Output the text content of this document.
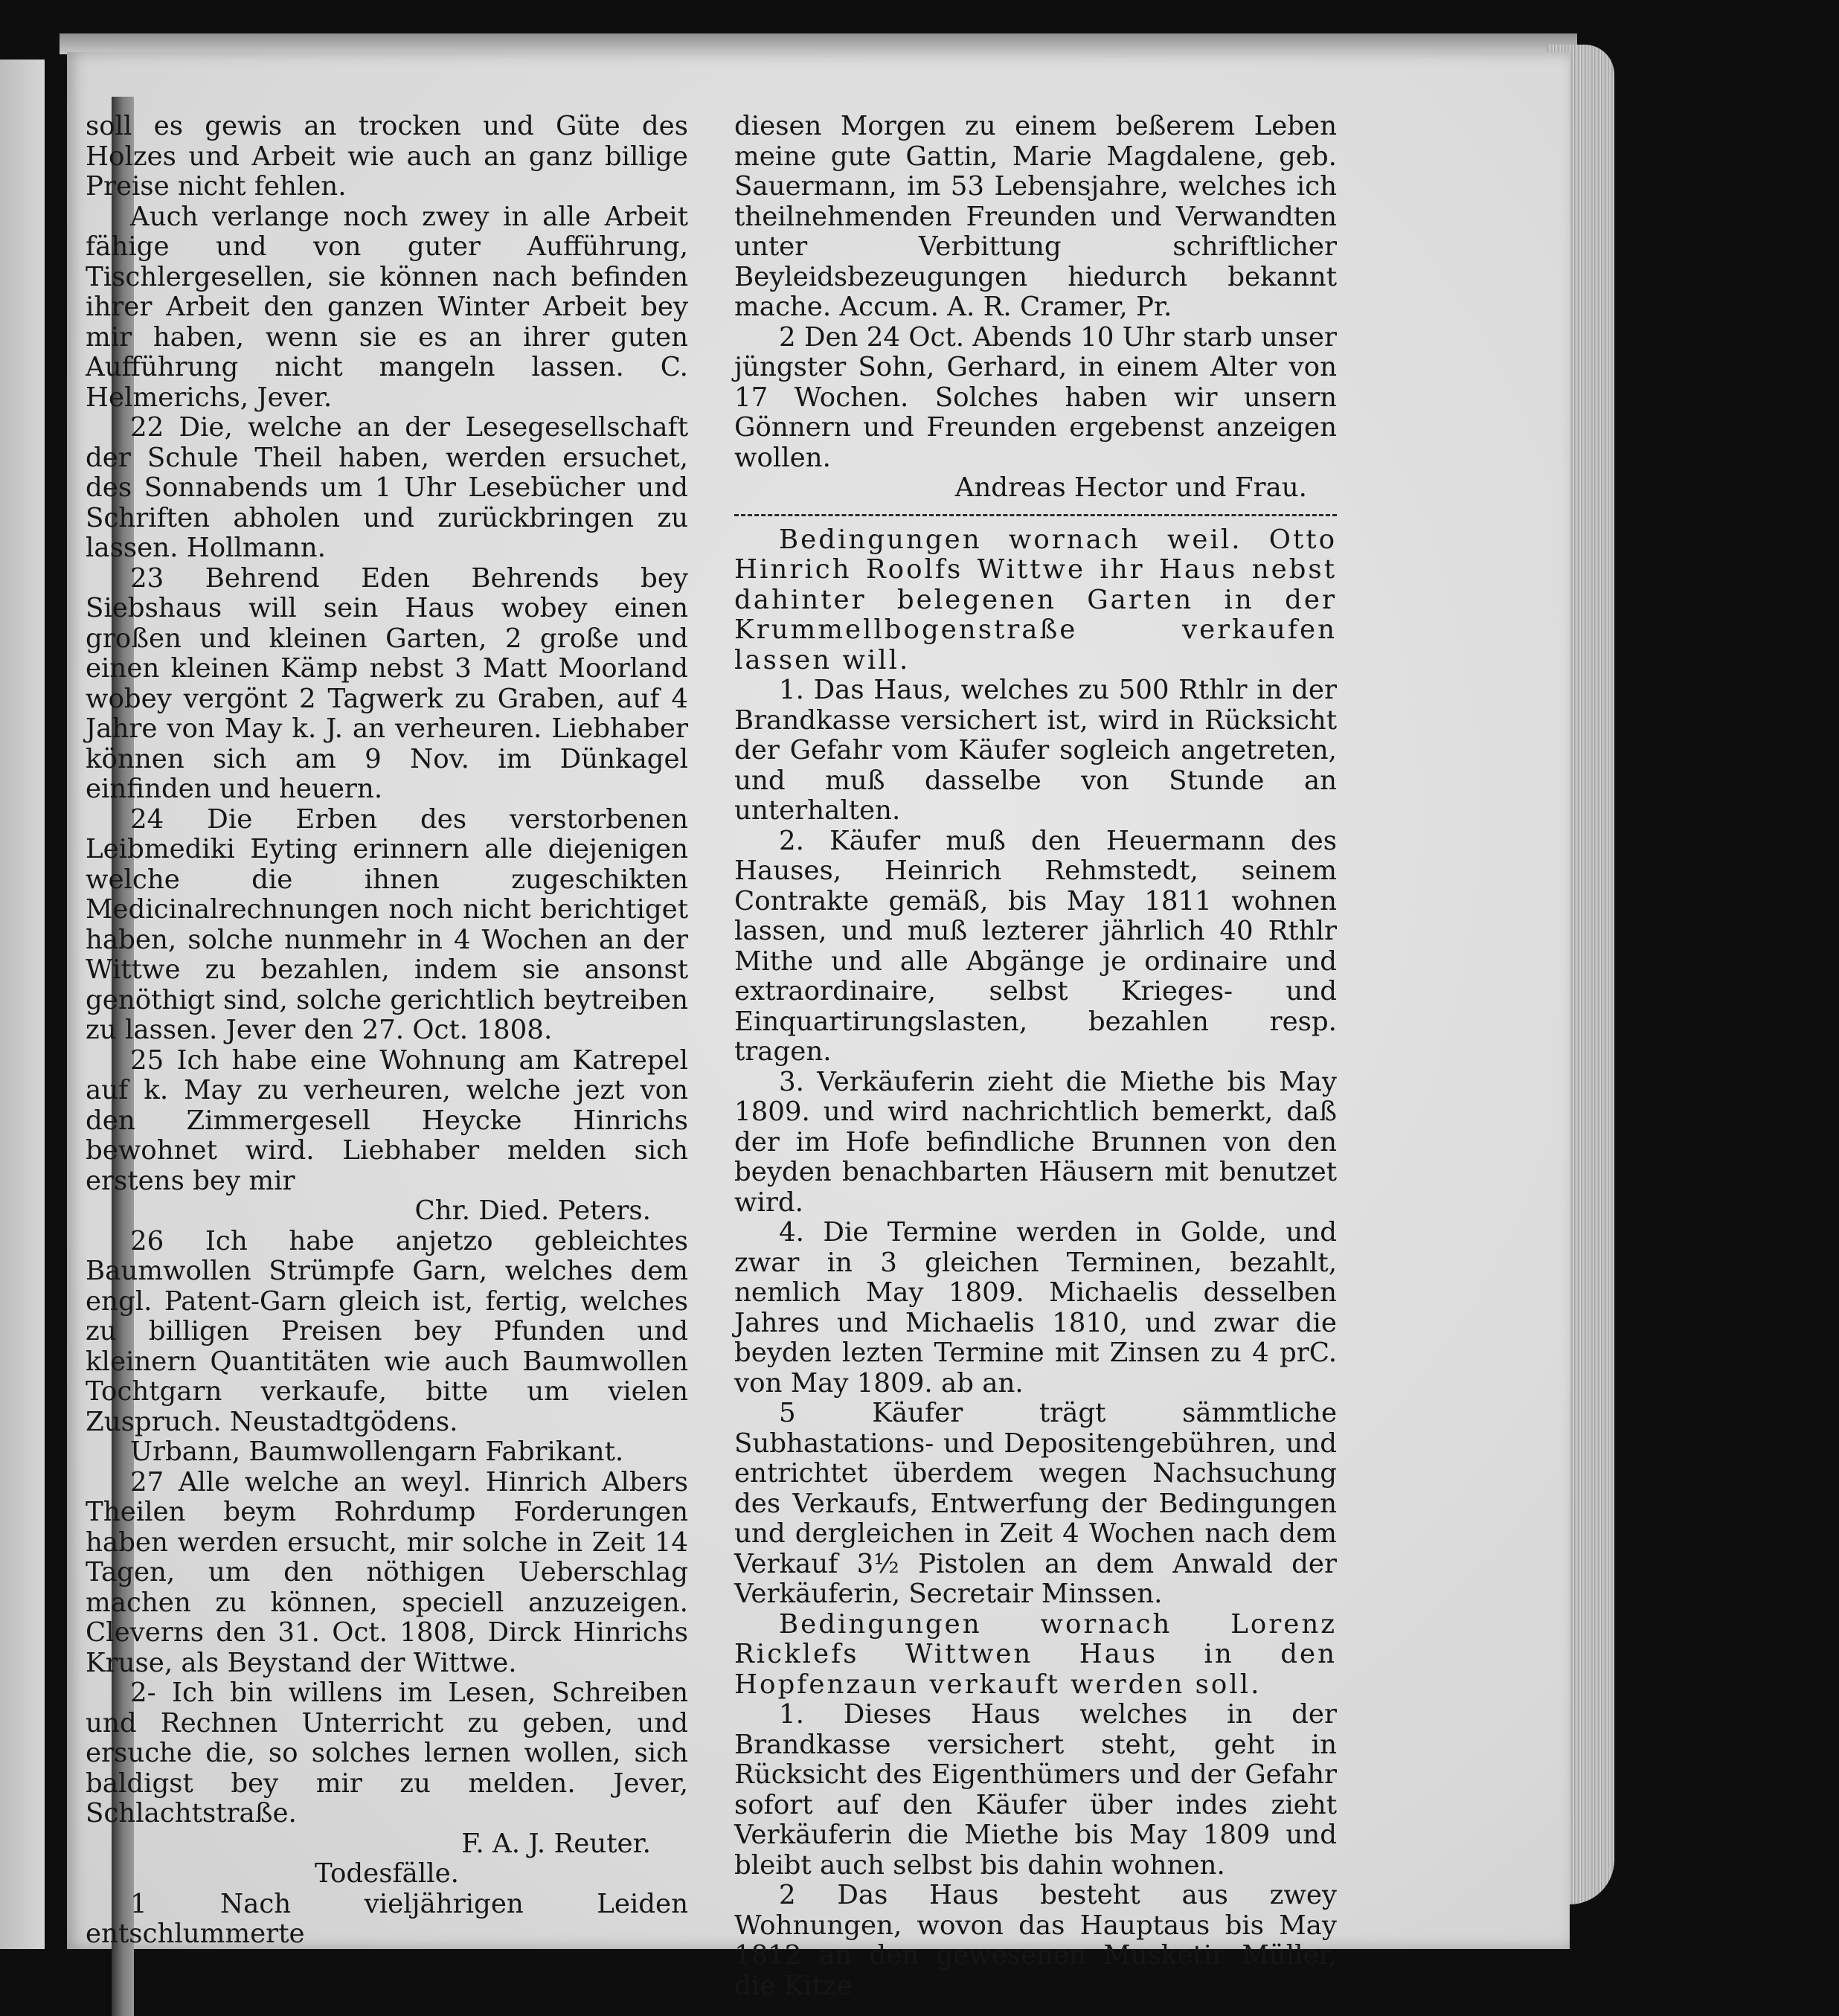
soll es gewis an trocken und Güte des Holzes und Arbeit wie auch an ganz billige Preise nicht fehlen.

Auch verlange noch zwey in alle Arbeit fähige und von guter Aufführung, Tischlergesellen, sie können nach befinden ihrer Arbeit den ganzen Winter Arbeit bey mir haben, wenn sie es an ihrer guten Aufführung nicht mangeln lassen. C. Helmerichs, Jever.

22 Die, welche an der Lesegesellschaft der Schule Theil haben, werden ersuchet, des Sonnabends um 1 Uhr Lesebücher und Schriften abholen und zurückbringen zu lassen. Hollmann.

23 Behrend Eden Behrends bey Siebshaus will sein Haus wobey einen großen und kleinen Garten, 2 große und einen kleinen Kämp nebst 3 Matt Moorland wobey vergönt 2 Tagwerk zu Graben, auf 4 Jahre von May k. J. an verheuren. Liebhaber können sich am 9 Nov. im Dünkagel einfinden und heuern.

24 Die Erben des verstorbenen Leibmediki Eyting erinnern alle diejenigen welche die ihnen zugeschikten Medicinalrechnungen noch nicht berichtiget haben, solche nunmehr in 4 Wochen an der Wittwe zu bezahlen, indem sie ansonst genöthigt sind, solche gerichtlich beytreiben zu lassen. Jever den 27. Oct. 1808.

25 Ich habe eine Wohnung am Katrepel auf k. May zu verheuren, welche jezt von den Zimmergesell Heycke Hinrichs bewohnet wird. Liebhaber melden sich erstens bey mir

Chr. Died. Peters.

26 Ich habe anjetzo gebleichtes Baumwollen Strümpfe Garn, welches dem engl. Patent-Garn gleich ist, fertig, welches zu billigen Preisen bey Pfunden und kleinern Quantitäten wie auch Baumwollen Tochtgarn verkaufe, bitte um vielen Zuspruch. Neustadtgödens.

Urbann, Baumwollengarn Fabrikant.

27 Alle welche an weyl. Hinrich Albers Theilen beym Rohrdump Forderungen haben werden ersucht, mir solche in Zeit 14 Tagen, um den nöthigen Ueberschlag machen zu können, speciell anzuzeigen. Cleverns den 31. Oct. 1808, Dirck Hinrichs Kruse, als Beystand der Wittwe.

2- Ich bin willens im Lesen, Schreiben und Rechnen Unterricht zu geben, und ersuche die, so solches lernen wollen, sich baldigst bey mir zu melden. Jever, Schlachtstraße.

F. A. J. Reuter.

Todesfälle.

1 Nach vieljährigen Leiden entschlummerte

diesen Morgen zu einem beßerem Leben meine gute Gattin, Marie Magdalene, geb. Sauermann, im 53 Lebensjahre, welches ich theilnehmenden Freunden und Verwandten unter Verbittung schriftlicher Beyleidsbezeugungen hiedurch bekannt mache. Accum. A. R. Cramer, Pr.

2 Den 24 Oct. Abends 10 Uhr starb unser jüngster Sohn, Gerhard, in einem Alter von 17 Wochen. Solches haben wir unsern Gönnern und Freunden ergebenst anzeigen wollen.

Andreas Hector und Frau.

Bedingungen wornach weil. Otto Hinrich Roolfs Wittwe ihr Haus nebst dahinter belegenen Garten in der Krummellbogenstraße verkaufen lassen will.

1. Das Haus, welches zu 500 Rthlr in der Brandkasse versichert ist, wird in Rücksicht der Gefahr vom Käufer sogleich angetreten, und muß dasselbe von Stunde an unterhalten.

2. Käufer muß den Heuermann des Hauses, Heinrich Rehmstedt, seinem Contrakte gemäß, bis May 1811 wohnen lassen, und muß lezterer jährlich 40 Rthlr Mithe und alle Abgänge je ordinaire und extraordinaire, selbst Krieges- und Einquartirungslasten, bezahlen resp. tragen.

3. Verkäuferin zieht die Miethe bis May 1809. und wird nachrichtlich bemerkt, daß der im Hofe befindliche Brunnen von den beyden benachbarten Häusern mit benutzet wird.

4. Die Termine werden in Golde, und zwar in 3 gleichen Terminen, bezahlt, nemlich May 1809. Michaelis desselben Jahres und Michaelis 1810, und zwar die beyden lezten Termine mit Zinsen zu 4 prC. von May 1809. ab an.

5 Käufer trägt sämmtliche Subhastations- und Depositengebühren, und entrichtet überdem wegen Nachsuchung des Verkaufs, Entwerfung der Bedingungen und dergleichen in Zeit 4 Wochen nach dem Verkauf 3½ Pistolen an dem Anwald der Verkäuferin, Secretair Minssen.

Bedingungen wornach Lorenz Ricklefs Wittwen Haus in den Hopfenzaun verkauft werden soll.

1. Dieses Haus welches in der Brandkasse versichert steht, geht in Rücksicht des Eigenthümers und der Gefahr sofort auf den Käufer über indes zieht Verkäuferin die Miethe bis May 1809 und bleibt auch selbst bis dahin wohnen.

2 Das Haus besteht aus zwey Wohnungen, wovon das Hauptaus bis May 1812 an den gewesenen Musketir Müller, die Kitze
